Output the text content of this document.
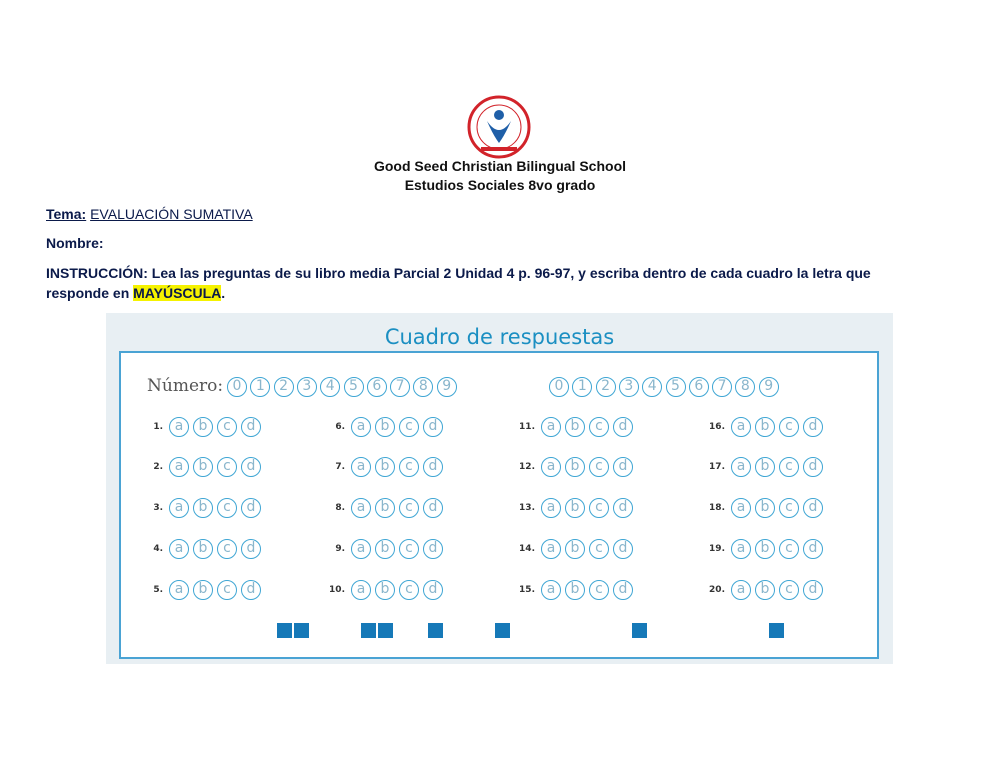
Good Seed Christian Bilingual School
Estudios Sociales 8vo grado
Tema: EVALUACIÓN SUMATIVA
Nombre:
INSTRUCCIÓN: Lea las preguntas de su libro media Parcial 2 Unidad 4 p. 96-97, y escriba dentro de cada cuadro la letra que
responde en MAYÚSCULA.
Cuadro de respuestas
Número: 0	1	2	3	4	5	6	7	8	9	0	1	2	3	4	5	6	7	8	9
1. a	b	c	d
2. a	b	c	d
3. a	b	c	d
4. a	b	c	d
5. a	b	c	d
6. a	b	c	d
7. a	b	c	d
8. a	b	c	d
9. a	b	c	d
10. a	b	c	d
11. a	b	c	d
12. a	b	c	d
13. a	b	c	d
14. a	b	c	d
15. a	b	c	d
16. a	b	c	d
17. a	b	c	d
18. a	b	c	d
19. a	b	c	d
20. a	b	c	d
